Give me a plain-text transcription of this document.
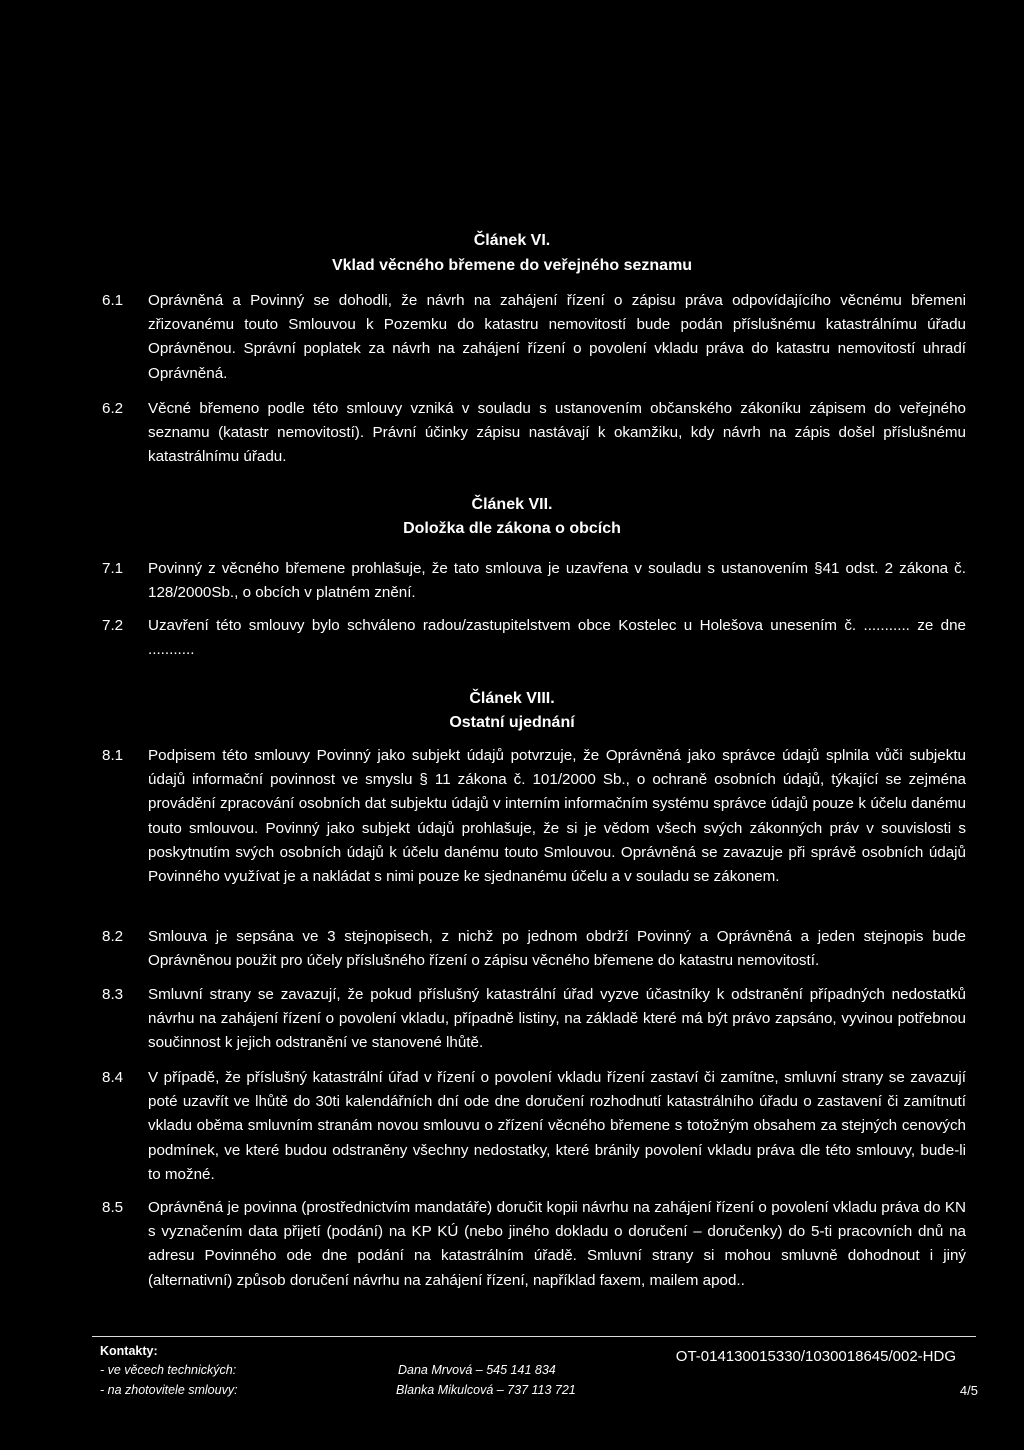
Článek VI.
Vklad věcného břemene do veřejného seznamu
6.1	Oprávněná a Povinný se dohodli, že návrh na zahájení řízení o zápisu práva odpovídajícího věcnému břemeni zřizovanému touto Smlouvou k Pozemku do katastru nemovitostí bude podán příslušnému katastrálnímu úřadu Oprávněnou. Správní poplatek za návrh na zahájení řízení o povolení vkladu práva do katastru nemovitostí uhradí Oprávněná.
6.2	Věcné břemeno podle této smlouvy vzniká v souladu s ustanovením občanského zákoníku zápisem do veřejného seznamu (katastr nemovitostí). Právní účinky zápisu nastávají k okamžiku, kdy návrh na zápis došel příslušnému katastrálnímu úřadu.
Článek VII.
Doložka dle zákona o obcích
7.1	Povinný z věcného břemene prohlašuje, že tato smlouva je uzavřena v souladu s ustanovením §41 odst. 2 zákona č. 128/2000Sb., o obcích v platném znění.
7.2	Uzavření této smlouvy bylo schváleno radou/zastupitelstvem obce Kostelec u Holešova unesením č. ........... ze dne ...........
Článek VIII.
Ostatní ujednání
8.1	Podpisem této smlouvy Povinný jako subjekt údajů potvrzuje, že Oprávněná jako správce údajů splnila vůči subjektu údajů informační povinnost ve smyslu § 11 zákona č. 101/2000 Sb., o ochraně osobních údajů, týkající se zejména provádění zpracování osobních dat subjektu údajů v interním informačním systému správce údajů pouze k účelu danému touto smlouvou. Povinný jako subjekt údajů prohlašuje, že si je vědom všech svých zákonných práv v souvislosti s poskytnutím svých osobních údajů k účelu danému touto Smlouvou. Oprávněná se zavazuje při správě osobních údajů Povinného využívat je a nakládat s nimi pouze ke sjednanému účelu a v souladu se zákonem.
8.2	Smlouva je sepsána ve 3 stejnopisech, z nichž po jednom obdrží Povinný a Oprávněná a jeden stejnopis bude Oprávněnou použit pro účely příslušného řízení o zápisu věcného břemene do katastru nemovitostí.
8.3	Smluvní strany se zavazují, že pokud příslušný katastrální úřad vyzve účastníky k odstranění případných nedostatků návrhu na zahájení řízení o povolení vkladu, případně listiny, na základě které má být právo zapsáno, vyvinou potřebnou součinnost k jejich odstranění ve stanovené lhůtě.
8.4	V případě, že příslušný katastrální úřad v řízení o povolení vkladu řízení zastaví či zamítne, smluvní strany se zavazují poté uzavřít ve lhůtě do 30ti kalendářních dní ode dne doručení rozhodnutí katastrálního úřadu o zastavení či zamítnutí vkladu oběma smluvním stranám novou smlouvu o zřízení věcného břemene s totožným obsahem za stejných cenových podmínek, ve které budou odstraněny všechny nedostatky, které bránily povolení vkladu práva dle této smlouvy, bude-li to možné.
8.5	Oprávněná je povinna (prostřednictvím mandatáře) doručit kopii návrhu na zahájení řízení o povolení vkladu práva do KN s vyznačením data přijetí (podání) na KP KÚ (nebo jiného dokladu o doručení – doručenky) do 5-ti pracovních dnů na adresu Povinného ode dne podání na katastrálním úřadě. Smluvní strany si mohou smluvně dohodnout i jiný (alternativní) způsob doručení návrhu na zahájení řízení, například faxem, mailem apod..
Kontakty:
- ve věcech technických:	Dana Mrvová – 545 141 834
- na zhotovitele smlouvy:	Blanka Mikulcová – 737 113 721
OT-014130015330/1030018645/002-HDG
4/5
